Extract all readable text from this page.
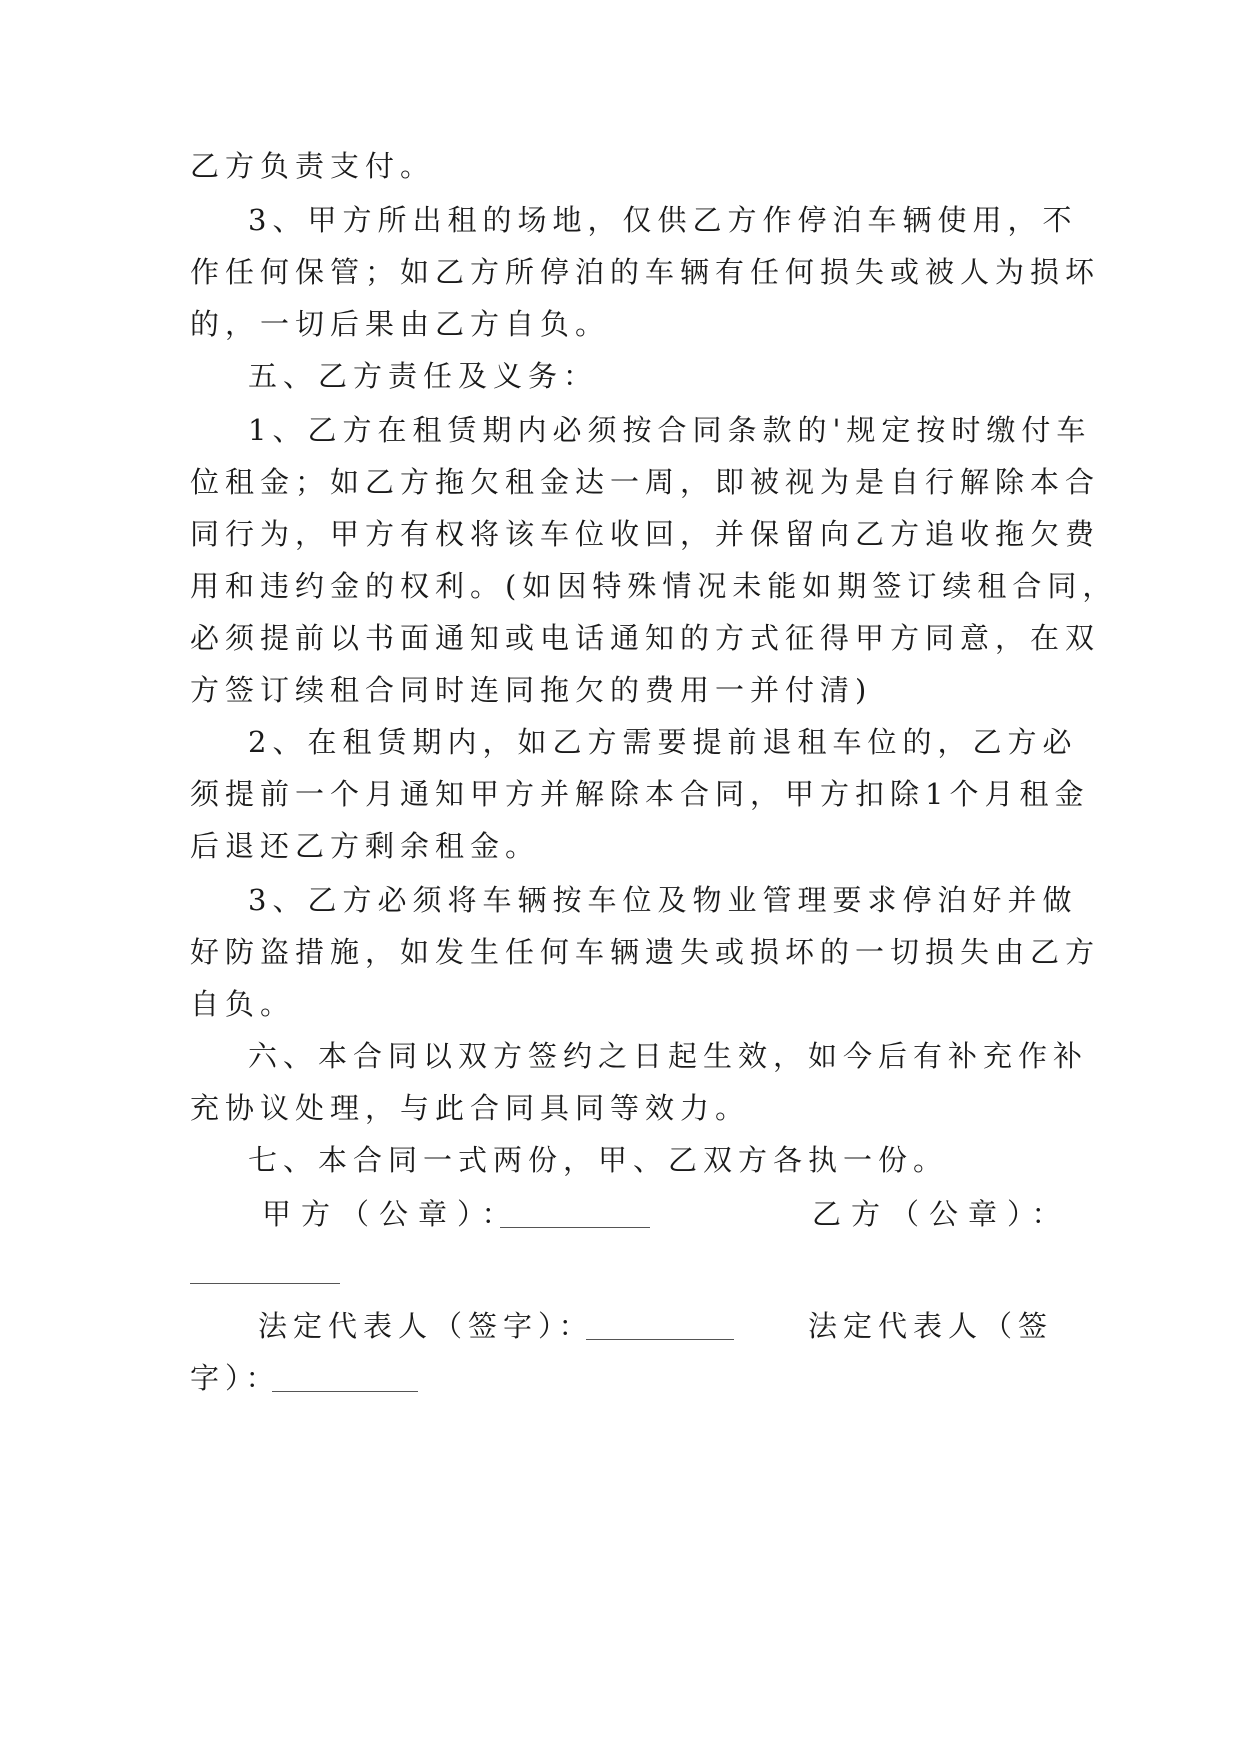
乙方负责支付。
3、甲方所出租的场地，仅供乙方作停泊车辆使用，不
作任何保管；如乙方所停泊的车辆有任何损失或被人为损坏
的，一切后果由乙方自负。
五、乙方责任及义务：
1、乙方在租赁期内必须按合同条款的'规定按时缴付车
位租金；如乙方拖欠租金达一周，即被视为是自行解除本合
同行为，甲方有权将该车位收回，并保留向乙方追收拖欠费
用和违约金的权利。(如因特殊情况未能如期签订续租合同，
必须提前以书面通知或电话通知的方式征得甲方同意，在双
方签订续租合同时连同拖欠的费用一并付清)
2、在租赁期内，如乙方需要提前退租车位的，乙方必
须提前一个月通知甲方并解除本合同，甲方扣除1个月租金
后退还乙方剩余租金。
3、乙方必须将车辆按车位及物业管理要求停泊好并做
好防盗措施，如发生任何车辆遗失或损坏的一切损失由乙方
自负。
六、本合同以双方签约之日起生效，如今后有补充作补
充协议处理，与此合同具同等效力。
七、本合同一式两份，甲、乙双方各执一份。
甲方（公章）：	乙方（公章）：
法定代表人（签字）：	法定代表人（签
字）：
